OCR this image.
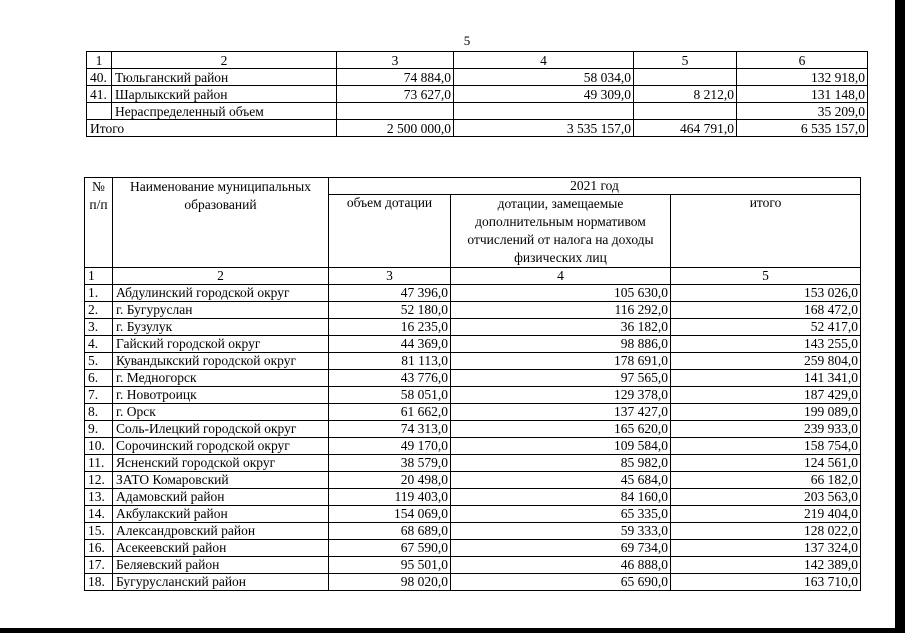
5
1	2	3	4	5	6
40.	Тюльганский район	74 884,0	58 034,0		132 918,0
41.	Шарлыкский район	73 627,0	49 309,0	8 212,0	131 148,0
	Нераспределенный объем				35 209,0
Итого		2 500 000,0	3 535 157,0	464 791,0	6 535 157,0
№ п/п	Наименование муниципальных образований	2021 год		
		объем дотации	дотации, замещаемые дополнительным нормативом отчислений от налога на доходы физических лиц	итого
1	2	3	4	5
1.	Абдулинский городской округ	47 396,0	105 630,0	153 026,0
2.	г. Бугуруслан	52 180,0	116 292,0	168 472,0
3.	г. Бузулук	16 235,0	36 182,0	52 417,0
4.	Гайский городской округ	44 369,0	98 886,0	143 255,0
5.	Кувандыкский городской округ	81 113,0	178 691,0	259 804,0
6.	г. Медногорск	43 776,0	97 565,0	141 341,0
7.	г. Новотроицк	58 051,0	129 378,0	187 429,0
8.	г. Орск	61 662,0	137 427,0	199 089,0
9.	Соль-Илецкий городской округ	74 313,0	165 620,0	239 933,0
10.	Сорочинский городской округ	49 170,0	109 584,0	158 754,0
11.	Ясненский городской округ	38 579,0	85 982,0	124 561,0
12.	ЗАТО Комаровский	20 498,0	45 684,0	66 182,0
13.	Адамовский район	119 403,0	84 160,0	203 563,0
14.	Акбулакский район	154 069,0	65 335,0	219 404,0
15.	Александровский район	68 689,0	59 333,0	128 022,0
16.	Асекеевский район	67 590,0	69 734,0	137 324,0
17.	Беляевский район	95 501,0	46 888,0	142 389,0
18.	Бугурусланский район	98 020,0	65 690,0	163 710,0
